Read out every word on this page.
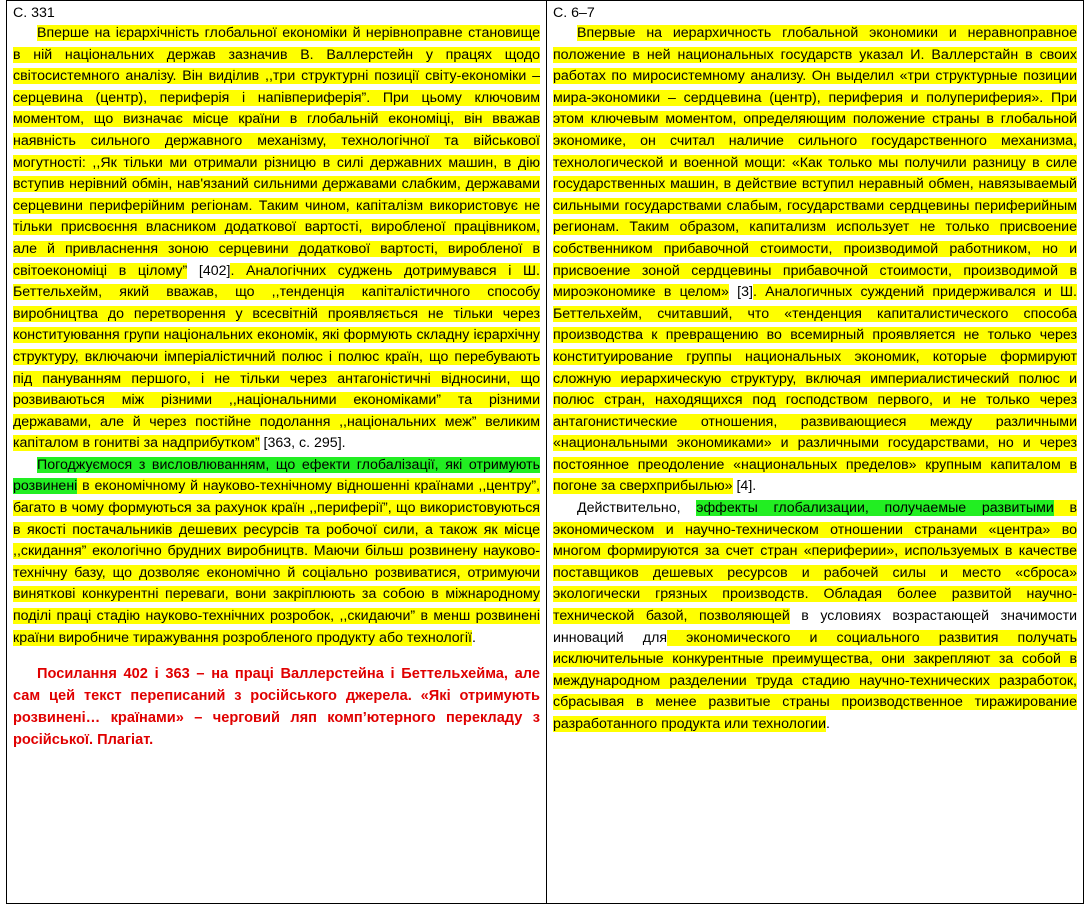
С. 331

Вперше на ієрархічність глобальної економіки й нерівноправне становище в ній національних держав зазначив В. Валлерстейн у працях щодо світосистемного аналізу. Він виділив ,,три структурні позиції світу-економіки – серцевина (центр), периферія і напівпериферія”. При цьому ключовим моментом, що визначає місце країни в глобальній економіці, він вважав наявність сильного державного механізму, технологічної та військової могутності: ,,Як тільки ми отримали різницю в силі державних машин, в дію вступив нерівний обмін, нав'язаний сильними державами слабким, державами серцевини периферійним регіонам. Таким чином, капіталізм використовує не тільки присвоєння власником додаткової вартості, виробленої працівником, але й привласнення зоною серцевини додаткової вартості, виробленої в світоекономіці в цілому” [402]. Аналогічних суджень дотримувався і Ш. Беттельхейм, який вважав, що ,,тенденція капіталістичного способу виробництва до перетворення у всесвітній проявляється не тільки через конституювання групи національних економік, які формують складну ієрархічну структуру, включаючи імперіалістичний полюс і полюс країн, що перебувають під пануванням першого, і не тільки через антагоністичні відносини, що розвиваються між різними ,,національними економіками” та різними державами, але й через постійне подолання ,,національних меж” великим капіталом в гонитві за надприбутком” [363, с. 295].

Погоджуємося з висловлюванням, що ефекти глобалізації, які отримують розвинені в економічному й науково-технічному відношенні країнами ,,центру”, багато в чому формуються за рахунок країн ,,периферії”, що використовуються в якості постачальників дешевих ресурсів та робочої сили, а також як місце ,,скидання” екологічно брудних виробництв. Маючи більш розвинену науково-технічну базу, що дозволяє економічно й соціально розвиватися, отримуючи виняткові конкурентні переваги, вони закріплюють за собою в міжнародному поділі праці стадію науково-технічних розробок, ,,скидаючи” в менш розвинені країни виробниче тиражування розробленого продукту або технології.

Посилання 402 і 363 – на праці Валлерстейна і Беттельхейма, але сам цей текст переписаний з російського джерела. «Які отримують розвинені… країнами» – черговий ляп комп’ютерного перекладу з російської. Плагіат.
С. 6–7

Впервые на иерархичность глобальной экономики и неравноправное положение в ней национальных государств указал И. Валлерстайн в своих работах по миросистемному анализу. Он выделил «три структурные позиции мира-экономики – сердцевина (центр), периферия и полупериферия». При этом ключевым моментом, определяющим положение страны в глобальной экономике, он считал наличие сильного государственного механизма, технологической и военной мощи: «Как только мы получили разницу в силе государственных машин, в действие вступил неравный обмен, навязываемый сильными государствами слабым, государствами сердцевины периферийным регионам. Таким образом, капитализм использует не только присвоение собственником прибавочной стоимости, производимой работником, но и присвоение зоной сердцевины прибавочной стоимости, производимой в мироэкономике в целом» [3]. Аналогичных суждений придерживался и Ш. Беттельхейм, считавший, что «тенденция капиталистического способа производства к превращению во всемирный проявляется не только через конституирование группы национальных экономик, которые формируют сложную иерархическую структуру, включая империалистический полюс и полюс стран, находящихся под господством первого, и не только через антагонистические отношения, развивающиеся между различными «национальными экономиками» и различными государствами, но и через постоянное преодоление «национальных пределов» крупным капиталом в погоне за сверхприбылью» [4].

Действительно, эффекты глобализации, получаемые развитыми в экономическом и научно-техническом отношении странами «центра» во многом формируются за счет стран «периферии», используемых в качестве поставщиков дешевых ресурсов и рабочей силы и место «сброса» экологически грязных производств. Обладая более развитой научно-технической базой, позволяющей в условиях возрастающей значимости инноваций для экономического и социального развития получать исключительные конкурентные преимущества, они закрепляют за собой в международном разделении труда стадию научно-технических разработок, сбрасывая в менее развитые страны производственное тиражирование разработанного продукта или технологии.
